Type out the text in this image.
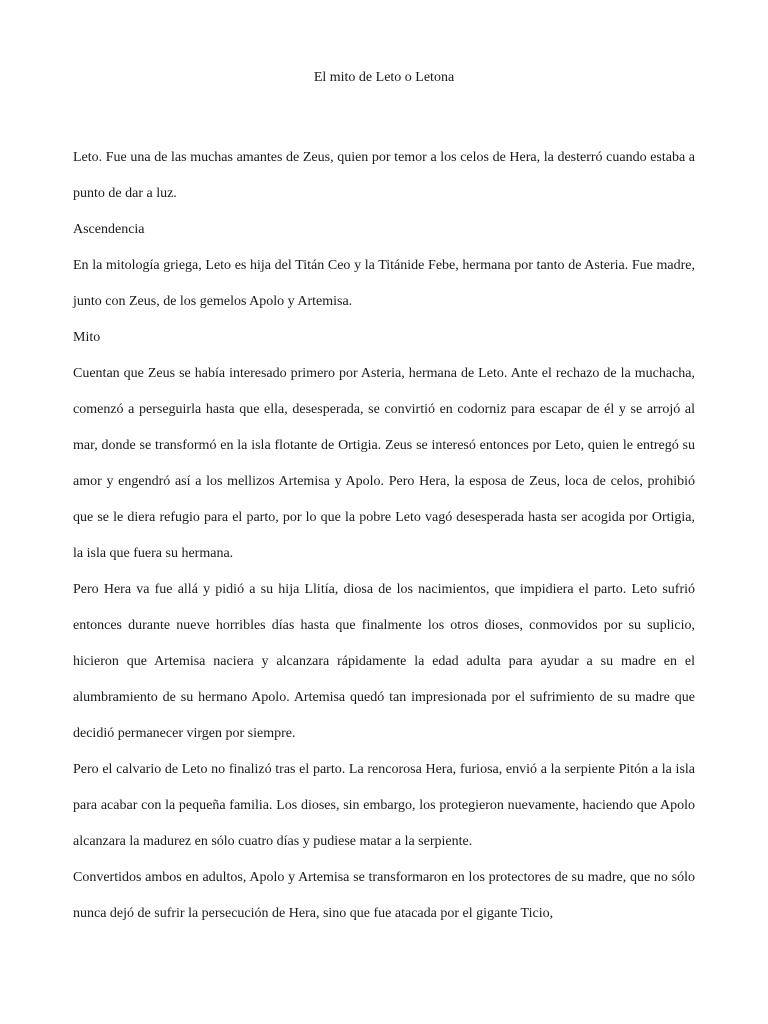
El mito de Leto o Letona

Leto. Fue una de las muchas amantes de Zeus, quien por temor a los celos de Hera, la desterró cuando estaba a punto de dar a luz.

Ascendencia

En la mitología griega, Leto es hija del Titán Ceo y la Titánide Febe, hermana por tanto de Asteria. Fue madre, junto con Zeus, de los gemelos Apolo y Artemisa.

Mito

Cuentan que Zeus se había interesado primero por Asteria, hermana de Leto. Ante el rechazo de la muchacha, comenzó a perseguirla hasta que ella, desesperada, se convirtió en codorniz para escapar de él y se arrojó al mar, donde se transformó en la isla flotante de Ortigia. Zeus se interesó entonces por Leto, quien le entregó su amor y engendró así a los mellizos Artemisa y Apolo. Pero Hera, la esposa de Zeus, loca de celos, prohibió que se le diera refugio para el parto, por lo que la pobre Leto vagó desesperada hasta ser acogida por Ortigia, la isla que fuera su hermana.

Pero Hera va fue allá y pidió a su hija Llitía, diosa de los nacimientos, que impidiera el parto. Leto sufrió entonces durante nueve horribles días hasta que finalmente los otros dioses, conmovidos por su suplicio, hicieron que Artemisa naciera y alcanzara rápidamente la edad adulta para ayudar a su madre en el alumbramiento de su hermano Apolo. Artemisa quedó tan impresionada por el sufrimiento de su madre que decidió permanecer virgen por siempre.

Pero el calvario de Leto no finalizó tras el parto. La rencorosa Hera, furiosa, envió a la serpiente Pitón a la isla para acabar con la pequeña familia. Los dioses, sin embargo, los protegieron nuevamente, haciendo que Apolo alcanzara la madurez en sólo cuatro días y pudiese matar a la serpiente.

Convertidos ambos en adultos, Apolo y Artemisa se transformaron en los protectores de su madre, que no sólo nunca dejó de sufrir la persecución de Hera, sino que fue atacada por el gigante Ticio,
